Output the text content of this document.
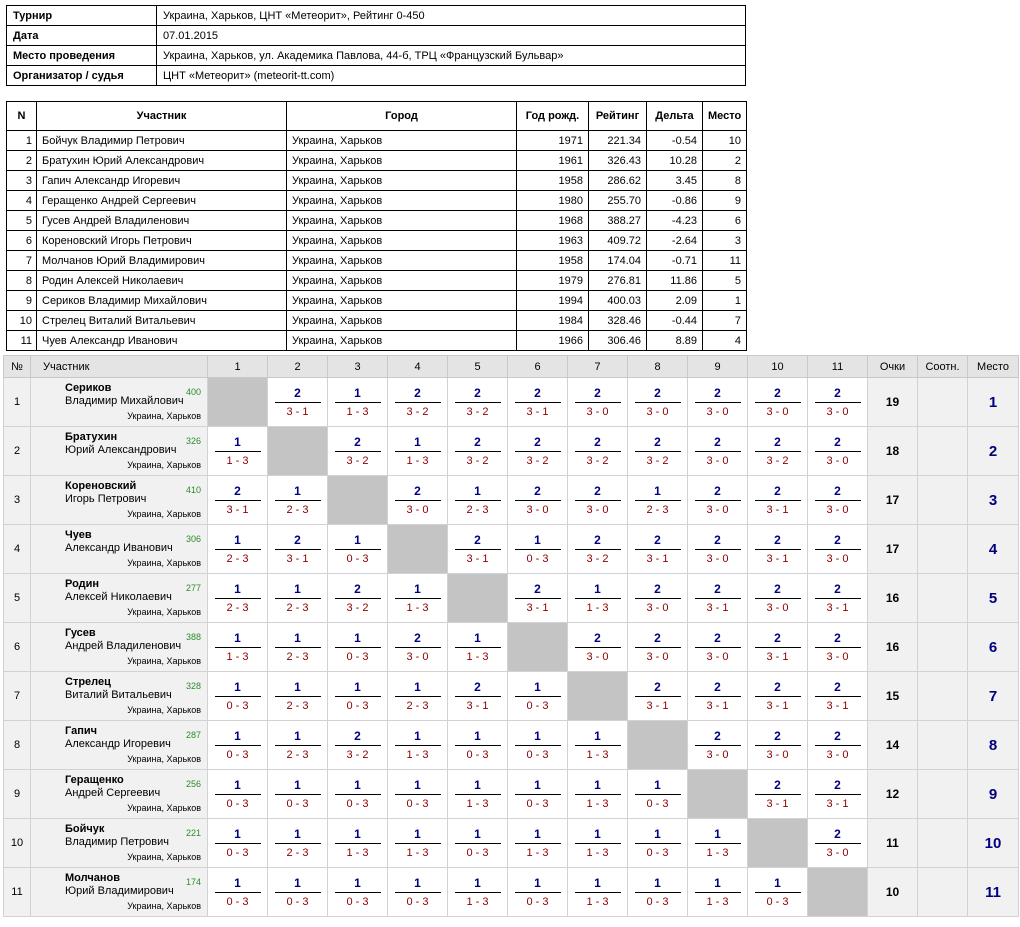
Турнир	Украина, Харьков, ЦНТ «Метеорит», Рейтинг 0-450
Дата	07.01.2015
Место проведения	Украина, Харьков, ул. Академика Павлова, 44-б, ТРЦ «Французский Бульвар»
Организатор / судья	ЦНТ «Метеорит» (meteorit-tt.com)
N	Участник	Город	Год рожд.	Рейтинг	Дельта	Место
1	Бойчук Владимир Петрович	Украина, Харьков	1971	221.34	-0.54	10
2	Братухин Юрий Александрович	Украина, Харьков	1961	326.43	10.28	2
3	Гапич Александр Игоревич	Украина, Харьков	1958	286.62	3.45	8
4	Геращенко Андрей Сергеевич	Украина, Харьков	1980	255.70	-0.86	9
5	Гусев Андрей Владиленович	Украина, Харьков	1968	388.27	-4.23	6
6	Кореновский Игорь Петрович	Украина, Харьков	1963	409.72	-2.64	3
7	Молчанов Юрий Владимирович	Украина, Харьков	1958	174.04	-0.71	11
8	Родин Алексей Николаевич	Украина, Харьков	1979	276.81	11.86	5
9	Сериков Владимир Михайлович	Украина, Харьков	1994	400.03	2.09	1
10	Стрелец Виталий Витальевич	Украина, Харьков	1984	328.46	-0.44	7
11	Чуев Александр Иванович	Украина, Харьков	1966	306.46	8.89	4
№	Участник	1	2	3	4	5	6	7	8	9	10	11	Очки	Соотн.	Место
1	Сериков 400
Владимир Михайлович
Украина, Харьков		$\frac{2}{3 - 1}$	$\frac{1}{1 - 3}$	$\frac{2}{3 - 2}$	$\frac{2}{3 - 2}$	$\frac{2}{3 - 1}$	$\frac{2}{3 - 0}$	$\frac{2}{3 - 0}$	$\frac{2}{3 - 0}$	$\frac{2}{3 - 0}$	$\frac{2}{3 - 0}$	19		1
2	Братухин 326
Юрий Александрович
Украина, Харьков	$\frac{1}{1 - 3}$		$\frac{2}{3 - 2}$	$\frac{1}{1 - 3}$	$\frac{2}{3 - 2}$	$\frac{2}{3 - 2}$	$\frac{2}{3 - 2}$	$\frac{2}{3 - 2}$	$\frac{2}{3 - 0}$	$\frac{2}{3 - 2}$	$\frac{2}{3 - 0}$	18		2
3	Кореновский 410
Игорь Петрович
Украина, Харьков	$\frac{2}{3 - 1}$	$\frac{1}{2 - 3}$		$\frac{2}{3 - 0}$	$\frac{1}{2 - 3}$	$\frac{2}{3 - 0}$	$\frac{2}{3 - 0}$	$\frac{1}{2 - 3}$	$\frac{2}{3 - 0}$	$\frac{2}{3 - 1}$	$\frac{2}{3 - 0}$	17		3
4	Чуев 306
Александр Иванович
Украина, Харьков	$\frac{1}{2 - 3}$	$\frac{2}{3 - 1}$	$\frac{1}{0 - 3}$		$\frac{2}{3 - 1}$	$\frac{1}{0 - 3}$	$\frac{2}{3 - 2}$	$\frac{2}{3 - 1}$	$\frac{2}{3 - 0}$	$\frac{2}{3 - 1}$	$\frac{2}{3 - 0}$	17		4
5	Родин 277
Алексей Николаевич
Украина, Харьков	$\frac{1}{2 - 3}$	$\frac{1}{2 - 3}$	$\frac{2}{3 - 2}$	$\frac{1}{1 - 3}$		$\frac{2}{3 - 1}$	$\frac{1}{1 - 3}$	$\frac{2}{3 - 0}$	$\frac{2}{3 - 1}$	$\frac{2}{3 - 0}$	$\frac{2}{3 - 1}$	16		5
6	Гусев 388
Андрей Владиленович
Украина, Харьков	$\frac{1}{1 - 3}$	$\frac{1}{2 - 3}$	$\frac{1}{0 - 3}$	$\frac{2}{3 - 0}$	$\frac{1}{1 - 3}$		$\frac{2}{3 - 0}$	$\frac{2}{3 - 0}$	$\frac{2}{3 - 0}$	$\frac{2}{3 - 1}$	$\frac{2}{3 - 0}$	16		6
7	Стрелец 328
Виталий Витальевич
Украина, Харьков	$\frac{1}{0 - 3}$	$\frac{1}{2 - 3}$	$\frac{1}{0 - 3}$	$\frac{1}{2 - 3}$	$\frac{2}{3 - 1}$	$\frac{1}{0 - 3}$		$\frac{2}{3 - 1}$	$\frac{2}{3 - 1}$	$\frac{2}{3 - 1}$	$\frac{2}{3 - 1}$	15		7
8	Гапич 287
Александр Игоревич
Украина, Харьков	$\frac{1}{0 - 3}$	$\frac{1}{2 - 3}$	$\frac{2}{3 - 2}$	$\frac{1}{1 - 3}$	$\frac{1}{0 - 3}$	$\frac{1}{0 - 3}$	$\frac{1}{1 - 3}$		$\frac{2}{3 - 0}$	$\frac{2}{3 - 0}$	$\frac{2}{3 - 0}$	14		8
9	Геращенко 256
Андрей Сергеевич
Украина, Харьков	$\frac{1}{0 - 3}$	$\frac{1}{0 - 3}$	$\frac{1}{0 - 3}$	$\frac{1}{0 - 3}$	$\frac{1}{1 - 3}$	$\frac{1}{0 - 3}$	$\frac{1}{1 - 3}$	$\frac{1}{0 - 3}$		$\frac{2}{3 - 1}$	$\frac{2}{3 - 1}$	12		9
10	Бойчук 221
Владимир Петрович
Украина, Харьков	$\frac{1}{0 - 3}$	$\frac{1}{2 - 3}$	$\frac{1}{1 - 3}$	$\frac{1}{1 - 3}$	$\frac{1}{0 - 3}$	$\frac{1}{1 - 3}$	$\frac{1}{1 - 3}$	$\frac{1}{0 - 3}$	$\frac{1}{1 - 3}$		$\frac{2}{3 - 0}$	11		10
11	Молчанов 174
Юрий Владимирович
Украина, Харьков	$\frac{1}{0 - 3}$	$\frac{1}{0 - 3}$	$\frac{1}{0 - 3}$	$\frac{1}{0 - 3}$	$\frac{1}{1 - 3}$	$\frac{1}{0 - 3}$	$\frac{1}{1 - 3}$	$\frac{1}{0 - 3}$	$\frac{1}{1 - 3}$	$\frac{1}{0 - 3}$		10		11
